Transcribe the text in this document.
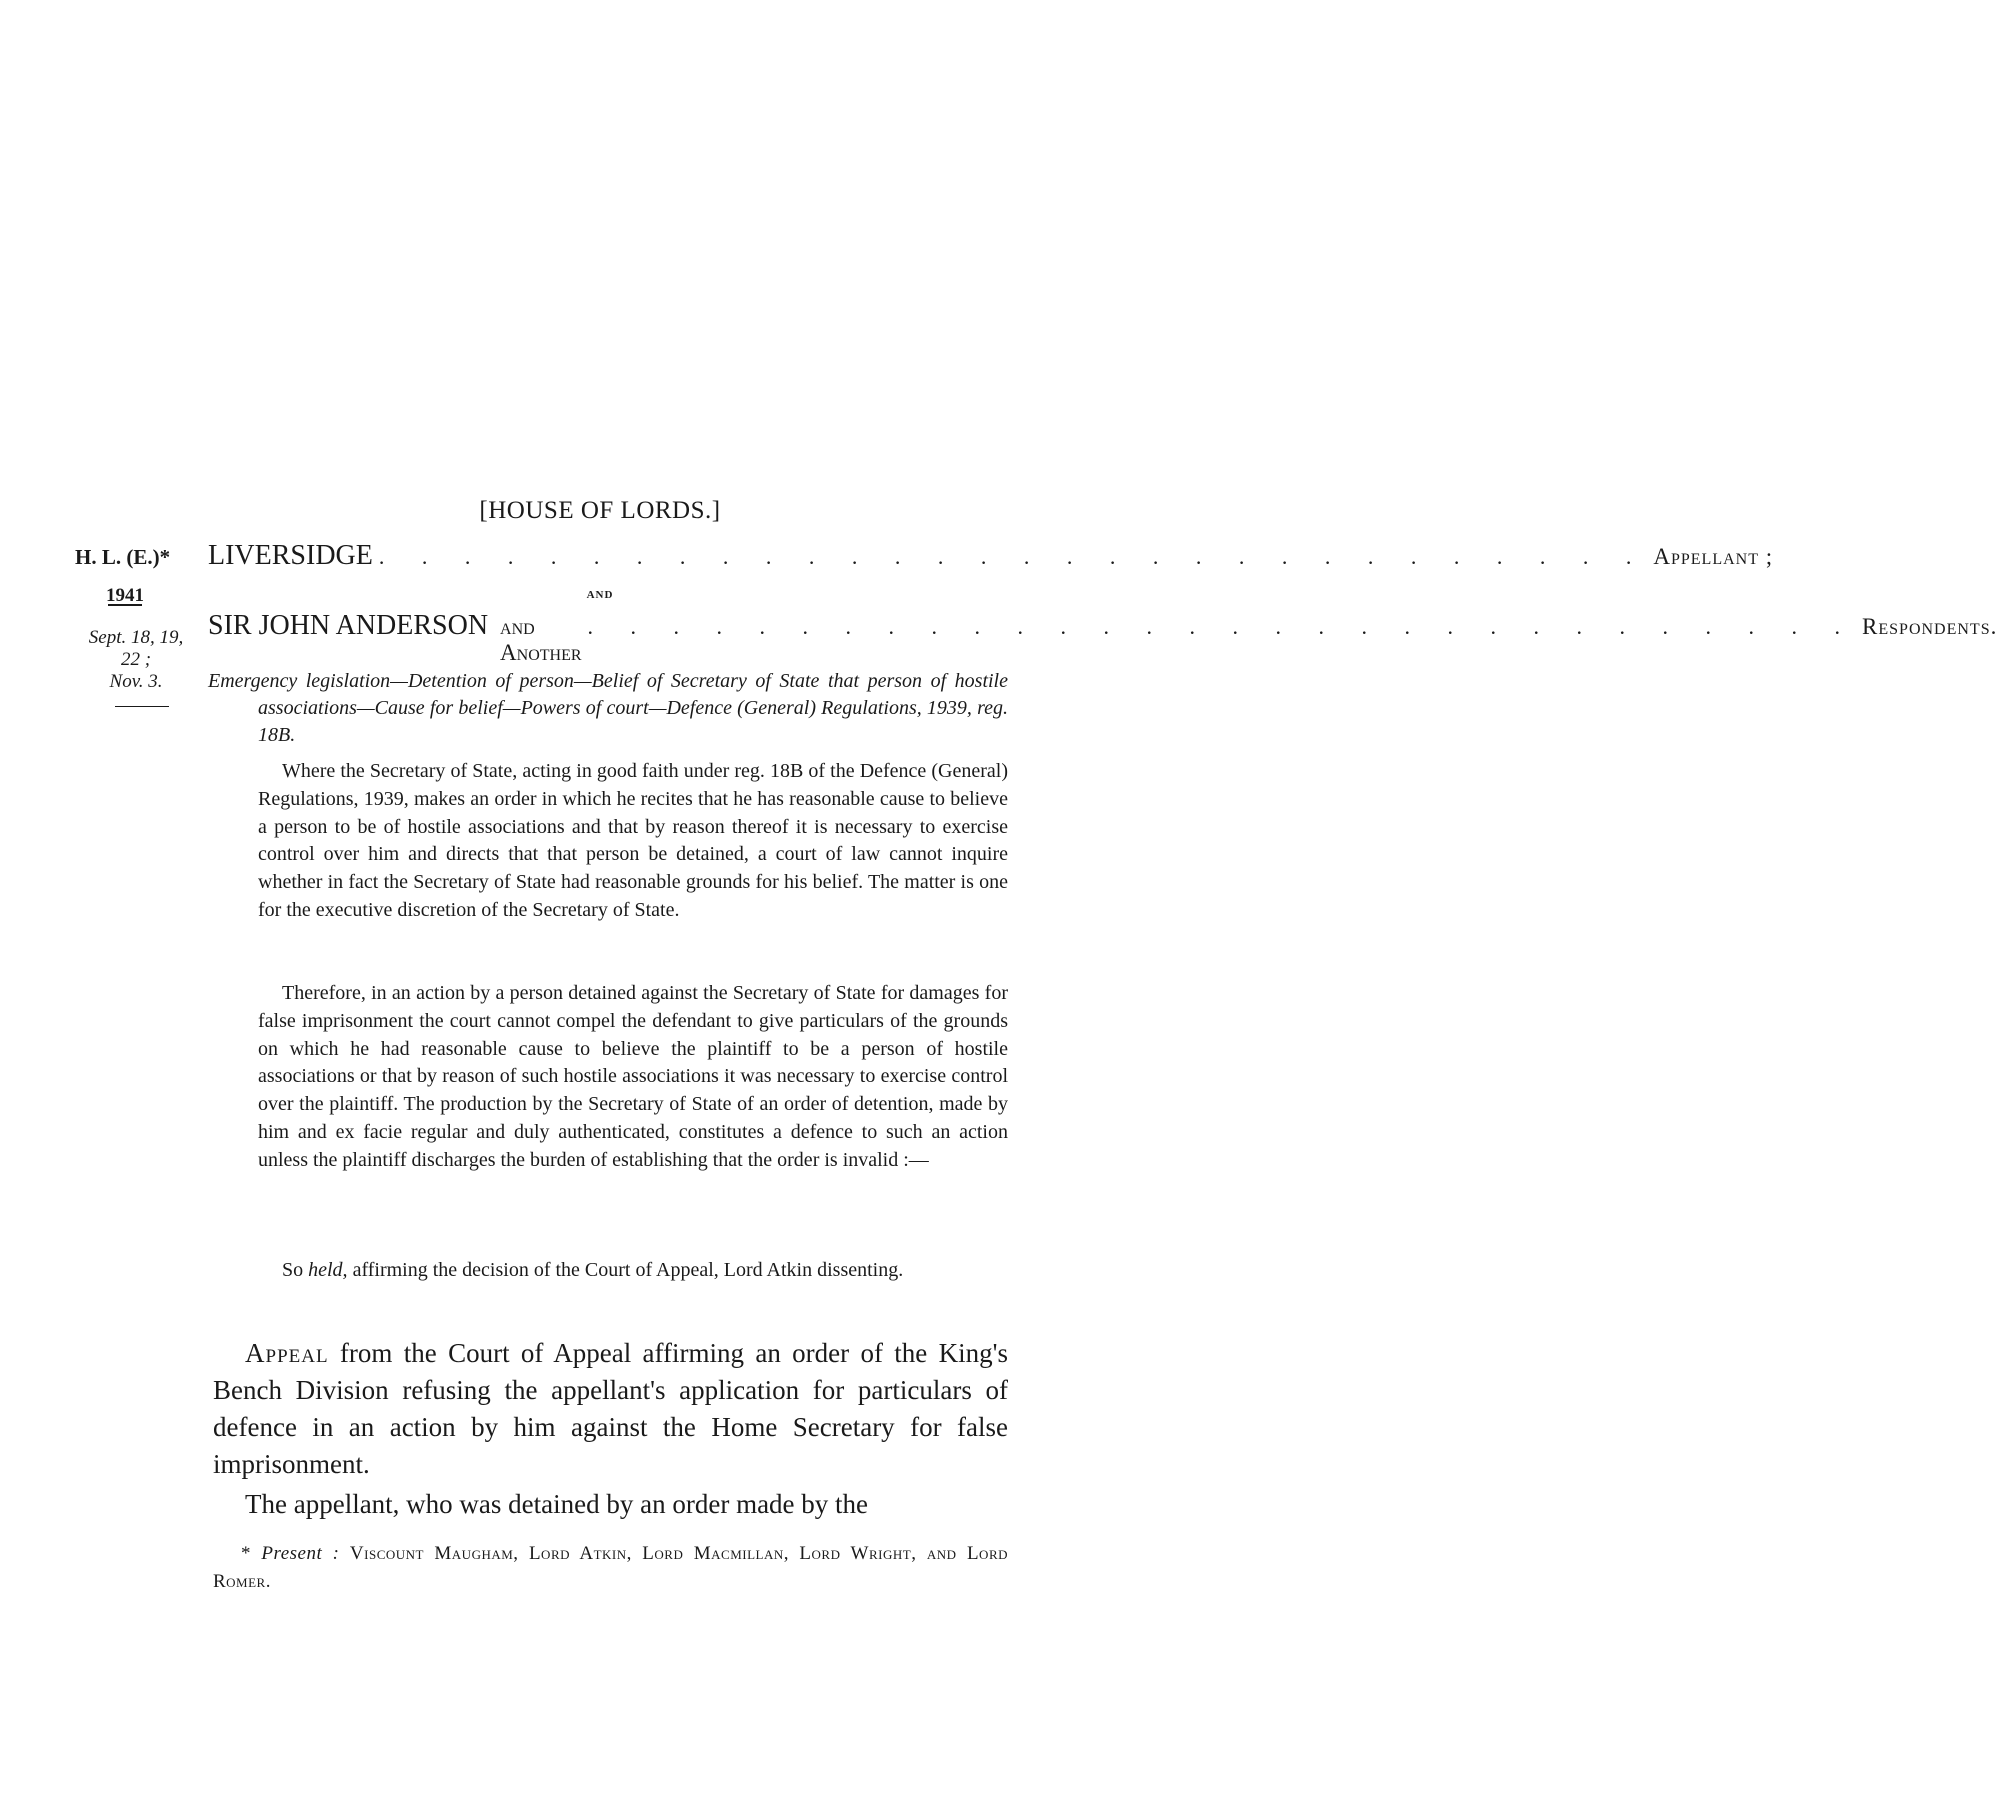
[HOUSE OF LORDS.]
H. L. (E.)*
1941
Sept. 18, 19,
22 ;
Nov. 3.
LIVERSIDGE . . . . . . . . . . . . . . . . . . . . . . . . . . . . . . Appellant ;
and
SIR JOHN ANDERSON and Another
. . . . . . . . . . . . . . . . . . . . . . . . . . . . . . Respondents.
Emergency legislation—Detention of person—Belief of Secretary of State that person of hostile associations—Cause for belief—Powers of court—Defence (General) Regulations, 1939, reg. 18B.
Where the Secretary of State, acting in good faith under reg. 18B of the Defence (General) Regulations, 1939, makes an order in which he recites that he has reasonable cause to believe a person to be of hostile associations and that by reason thereof it is necessary to exercise control over him and directs that that person be detained, a court of law cannot inquire whether in fact the Secretary of State had reasonable grounds for his belief. The matter is one for the executive discretion of the Secretary of State.
Therefore, in an action by a person detained against the Secretary of State for damages for false imprisonment the court cannot compel the defendant to give particulars of the grounds on which he had reasonable cause to believe the plaintiff to be a person of hostile associations or that by reason of such hostile associations it was necessary to exercise control over the plaintiff. The production by the Secretary of State of an order of detention, made by him and ex facie regular and duly authenticated, constitutes a defence to such an action unless the plaintiff discharges the burden of establishing that the order is invalid :—
So held, affirming the decision of the Court of Appeal, Lord Atkin dissenting.
Appeal from the Court of Appeal affirming an order of the King's Bench Division refusing the appellant's application for particulars of defence in an action by him against the Home Secretary for false imprisonment.
The appellant, who was detained by an order made by the
* Present : Viscount Maugham, Lord Atkin, Lord Macmillan, Lord Wright, and Lord Romer.
